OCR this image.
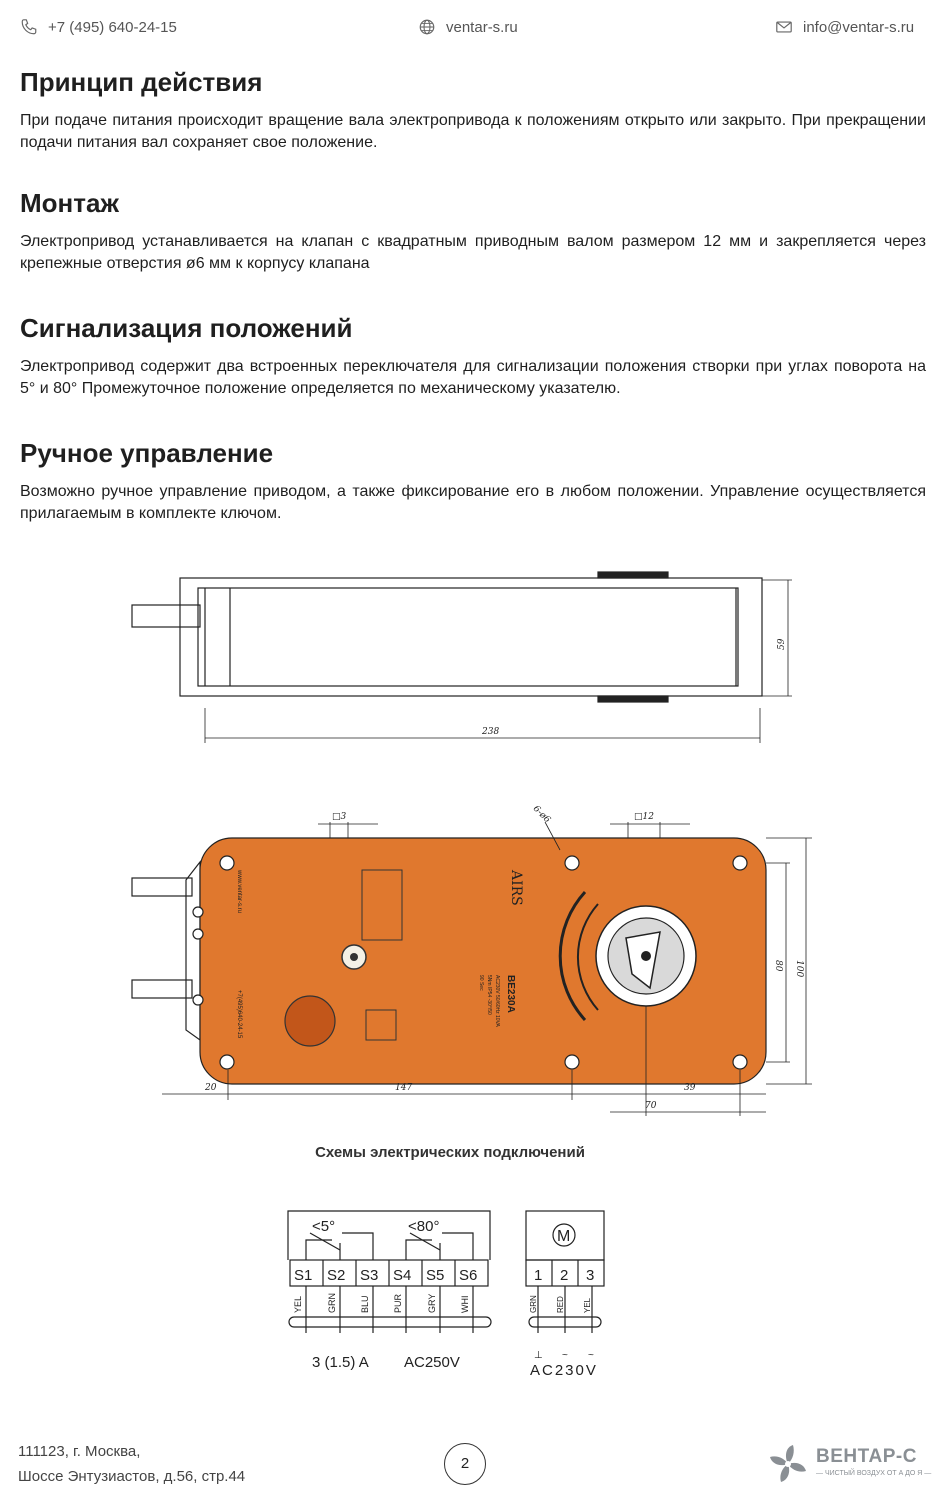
+7 (495) 640-24-15	ventar-s.ru	info@ventar-s.ru
Принцип действия

При подаче питания происходит вращение вала электропривода к положениям открыто или закрыто. При прекращении подачи питания вал сохраняет свое положение.

Монтаж

Электропривод устанавливается на клапан с квадратным приводным валом размером 12 мм и закрепляется через крепежные отверстия ø6 мм к корпусу клапана

Сигнализация положений

Электропривод содержит два встроенных переключателя для сигнализации положения створки при углах поворота на 5° и 80° Промежуточное положение определяется по механическому указателю.

Ручное управление

Возможно ручное управление приводом, а также фиксирование его в любом положении. Управление осуществляется прилагаемым в комплекте ключом.

238
59
BE230A
AC230V 50/60Hz 10VA
5Nm IP54 -30°/50
90 Sec
AIRS
www.ventar-s.ru
+7(495)640-24-15
20	147	39
70
80 100
□3	□12
6-ø6
Схемы электрических подключений
<5°	<80°
S1 S2 S3 S4 S5 S6
YEL	GRN	BLU	PUR	GRY	WHI
3 (1.5) A AC250V
M
1 2 3
GRN RED YEL
⊥ ~ ~
AC230V
111123, г. Москва,
Шоссе Энтузиастов, д.56, стр.44
2	ВЕНТАР-С
— ЧИСТЫЙ ВОЗДУХ ОТ А ДО Я —
